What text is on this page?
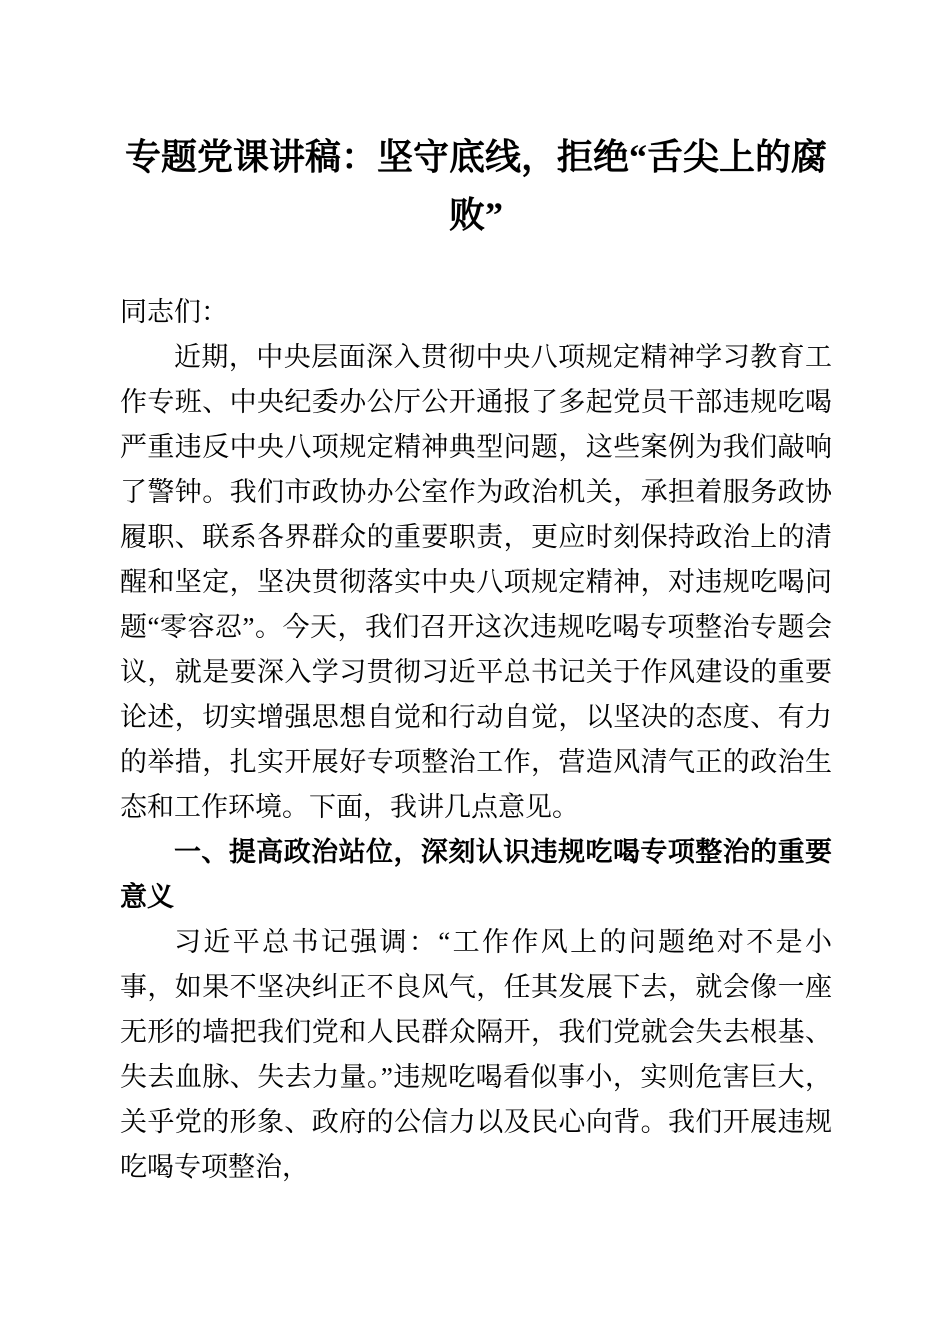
专题党课讲稿：坚守底线，拒绝“舌尖上的腐败”

同志们：

近期，中央层面深入贯彻中央八项规定精神学习教育工作专班、中央纪委办公厅公开通报了多起党员干部违规吃喝严重违反中央八项规定精神典型问题，这些案例为我们敲响了警钟。我们市政协办公室作为政治机关，承担着服务政协履职、联系各界群众的重要职责，更应时刻保持政治上的清醒和坚定，坚决贯彻落实中央八项规定精神，对违规吃喝问题“零容忍”。今天，我们召开这次违规吃喝专项整治专题会议，就是要深入学习贯彻习近平总书记关于作风建设的重要论述，切实增强思想自觉和行动自觉，以坚决的态度、有力的举措，扎实开展好专项整治工作，营造风清气正的政治生态和工作环境。下面，我讲几点意见。

一、提高政治站位，深刻认识违规吃喝专项整治的重要意义

习近平总书记强调：“工作作风上的问题绝对不是小事，如果不坚决纠正不良风气，任其发展下去，就会像一座无形的墙把我们党和人民群众隔开，我们党就会失去根基、失去血脉、失去力量。”违规吃喝看似事小，实则危害巨大，关乎党的形象、政府的公信力以及民心向背。我们开展违规吃喝专项整治，
